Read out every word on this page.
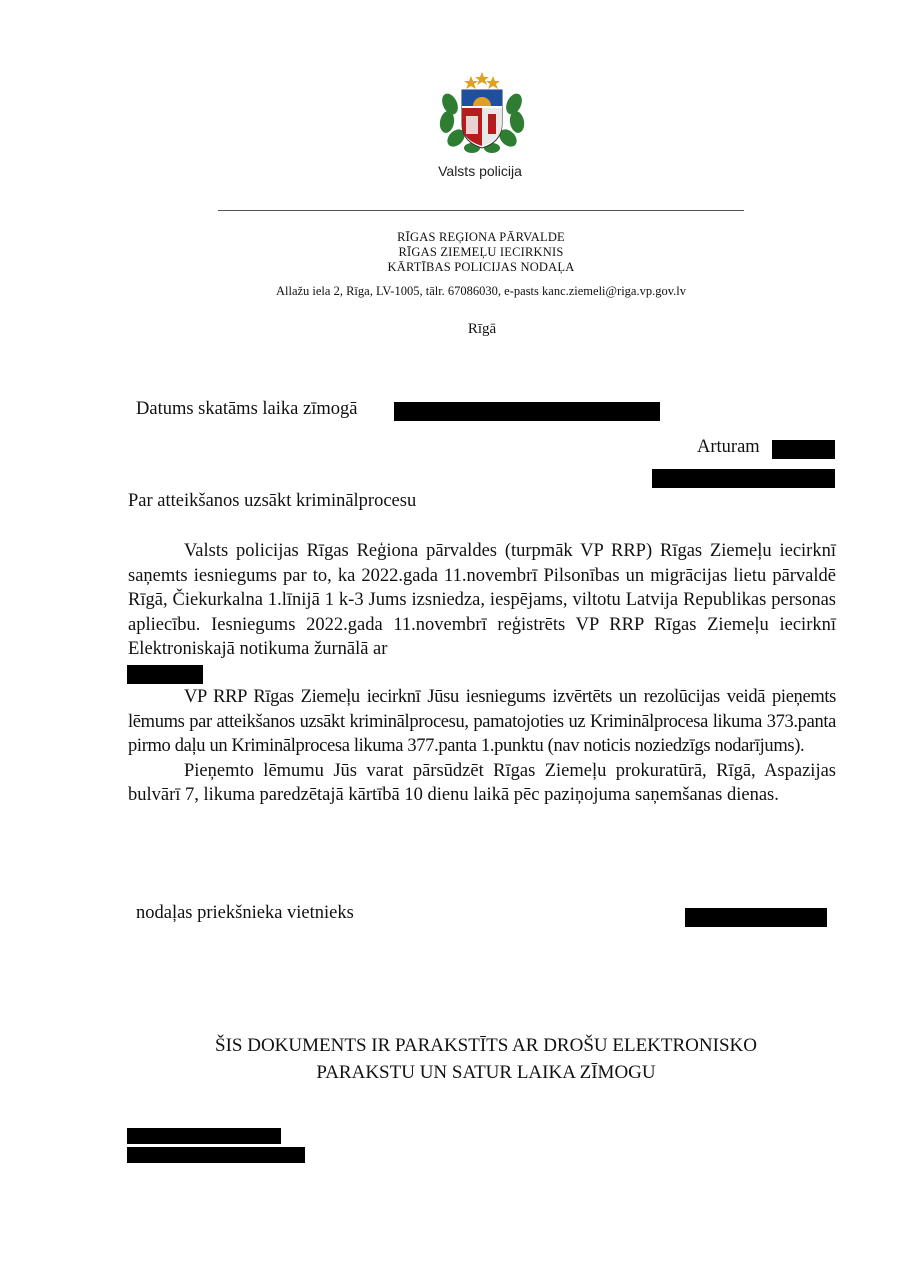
Valsts policija
RĪGAS REĢIONA PĀRVALDE
RĪGAS ZIEMEĻU IECIRKNIS
KĀRTĪBAS POLICIJAS NODAĻA
Allažu iela 2, Rīga, LV-1005, tālr. 67086030, e-pasts kanc.ziemeli@riga.vp.gov.lv
Rīgā
Datums skatāms laika zīmogā
Arturam
Par atteikšanos uzsākt kriminālprocesu

Valsts policijas Rīgas Reģiona pārvaldes (turpmāk VP RRP) Rīgas Ziemeļu iecirknī saņemts iesniegums par to, ka 2022.gada 11.novembrī Pilsonības un migrācijas lietu pārvaldē Rīgā, Čiekurkalna 1.līnijā 1 k-3 Jums izsniedza, iespējams, viltotu Latvija Republikas personas apliecību. Iesniegums 2022.gada 11.novembrī reģistrēts VP RRP Rīgas Ziemeļu iecirknī Elektroniskajā notikuma žurnālā ar

VP RRP Rīgas Ziemeļu iecirknī Jūsu iesniegums izvērtēts un rezolūcijas veidā pieņemts lēmums par atteikšanos uzsākt kriminālprocesu, pamatojoties uz Kriminālprocesa likuma 373.panta pirmo daļu un Kriminālprocesa likuma 377.panta 1.punktu (nav noticis noziedzīgs nodarījums).

Pieņemto lēmumu Jūs varat pārsūdzēt Rīgas Ziemeļu prokuratūrā, Rīgā, Aspazijas bulvārī 7, likuma paredzētajā kārtībā 10 dienu laikā pēc paziņojuma saņemšanas dienas.

nodaļas priekšnieka vietnieks
ŠIS DOKUMENTS IR PARAKSTĪTS AR DROŠU ELEKTRONISKO
PARAKSTU UN SATUR LAIKA ZĪMOGU
